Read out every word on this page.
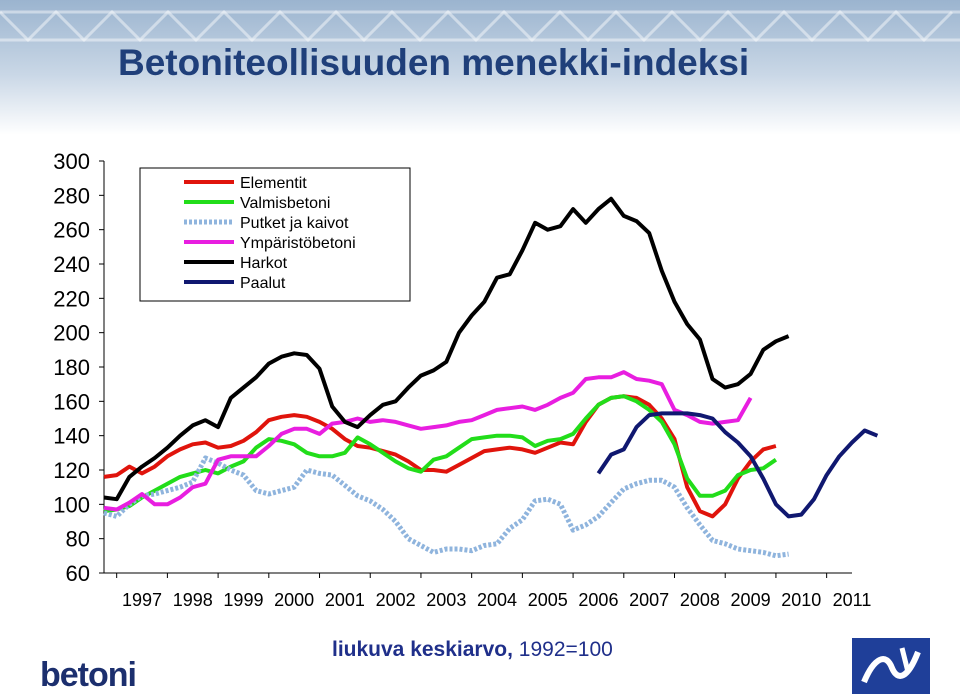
Betoniteollisuuden menekki-indeksi
60
80
100
120
140
160
180
200
220
240
260
280
300
1997 1998 1999 2000 2001 2002 2003 2004 2005 2006 2007 2008 2009 2010 2011
Elementit
Valmisbetoni
Putket ja kaivot
Ympäristöbetoni
Harkot
Paalut
liukuva keskiarvo, 1992=100
betoni
